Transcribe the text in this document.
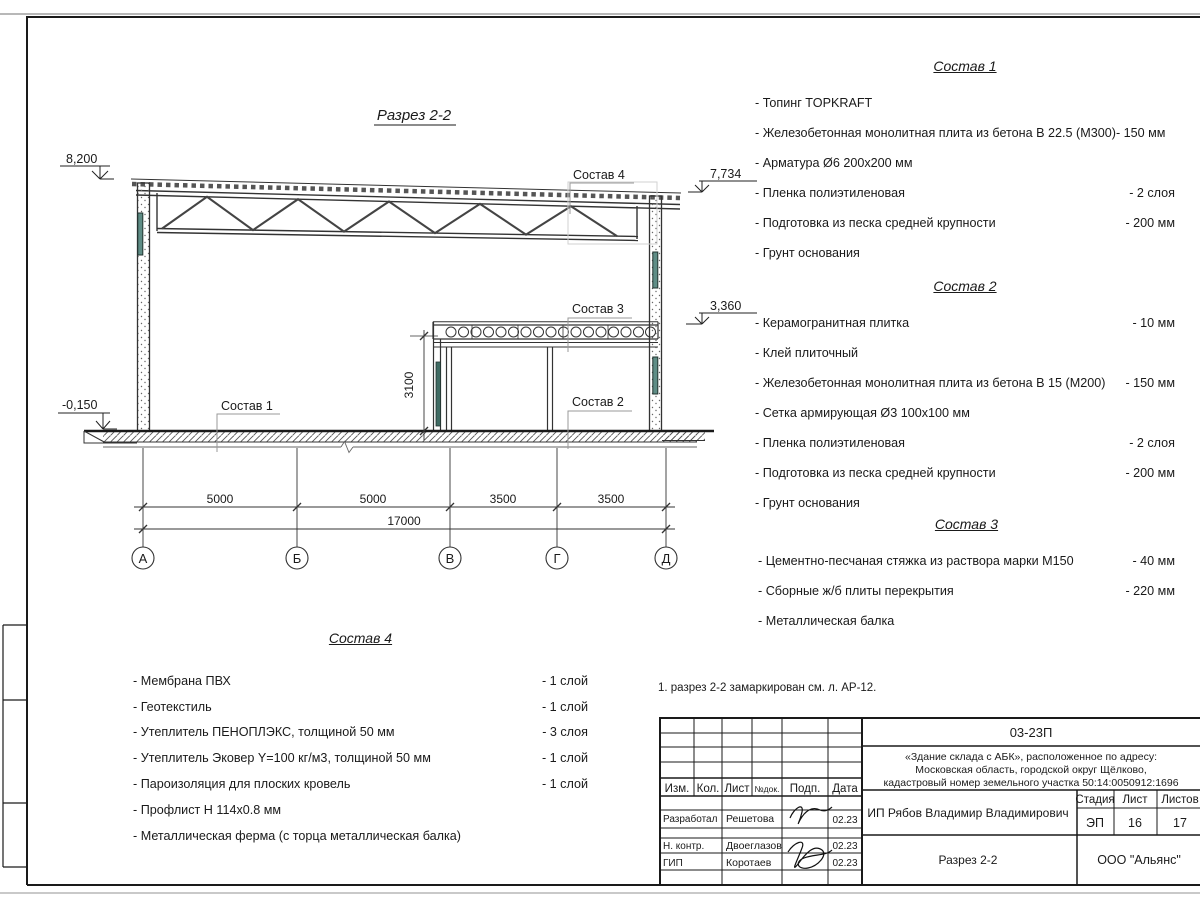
Разрез 2-2
Состав 4
Состав 3
Состав 2
Состав 1
8,200
7,734
3,360
-0,150
3100
5000	5000	3500	3500
17000
А	Б	В	Г	Д
03-23П
«Здание склада с АБК», расположенное по адресу:
Московская область, городской округ Щёлково,
кадастровый номер земельного участка 50:14:0050912:1696
Изм. Кол. Лист №док. Подп. Дата
Разработал Решетова	02.23
Н. контр. Двоеглазов	02.23
ГИП	Коротаев	02.23
ИП Рябов Владимир Владимирович
Стадия Лист Листов
ЭП 16 17
Разрез 2-2	ООО "Альянс"
Состав 1
- Топинг TOPKRAFT
- Железобетонная монолитная плита из бетона В 22.5 (М300)- 150 мм
- Арматура Ø6 200х200 мм
- Пленка полиэтиленовая	- 2 слоя
- Подготовка из песка средней крупности	- 200 мм
- Грунт основания
Состав 2
- Керамогранитная плитка	- 10 мм
- Клей плиточный
- Железобетонная монолитная плита из бетона В 15 (М200) - 150 мм
- Сетка армирующая Ø3 100х100 мм
- Пленка полиэтиленовая	- 2 слоя
- Подготовка из песка средней крупности	- 200 мм
- Грунт основания
Состав 3
- Цементно-песчаная стяжка из раствора марки М150	- 40 мм
- Сборные ж/б плиты перекрытия	- 220 мм
- Металлическая балка
Состав 4
- Мембрана ПВХ	- 1 слой
- Геотекстиль	- 1 слой
- Утеплитель ПЕНОПЛЭКС, толщиной 50 мм	- 3 слоя
- Утеплитель Эковер Y=100 кг/м3, толщиной 50 мм	- 1 слой
- Пароизоляция для плоских кровель	- 1 слой
- Профлист Н 114х0.8 мм
- Металлическая ферма (с торца металлическая балка)
1. разрез 2-2 замаркирован см. л. АР-12.
